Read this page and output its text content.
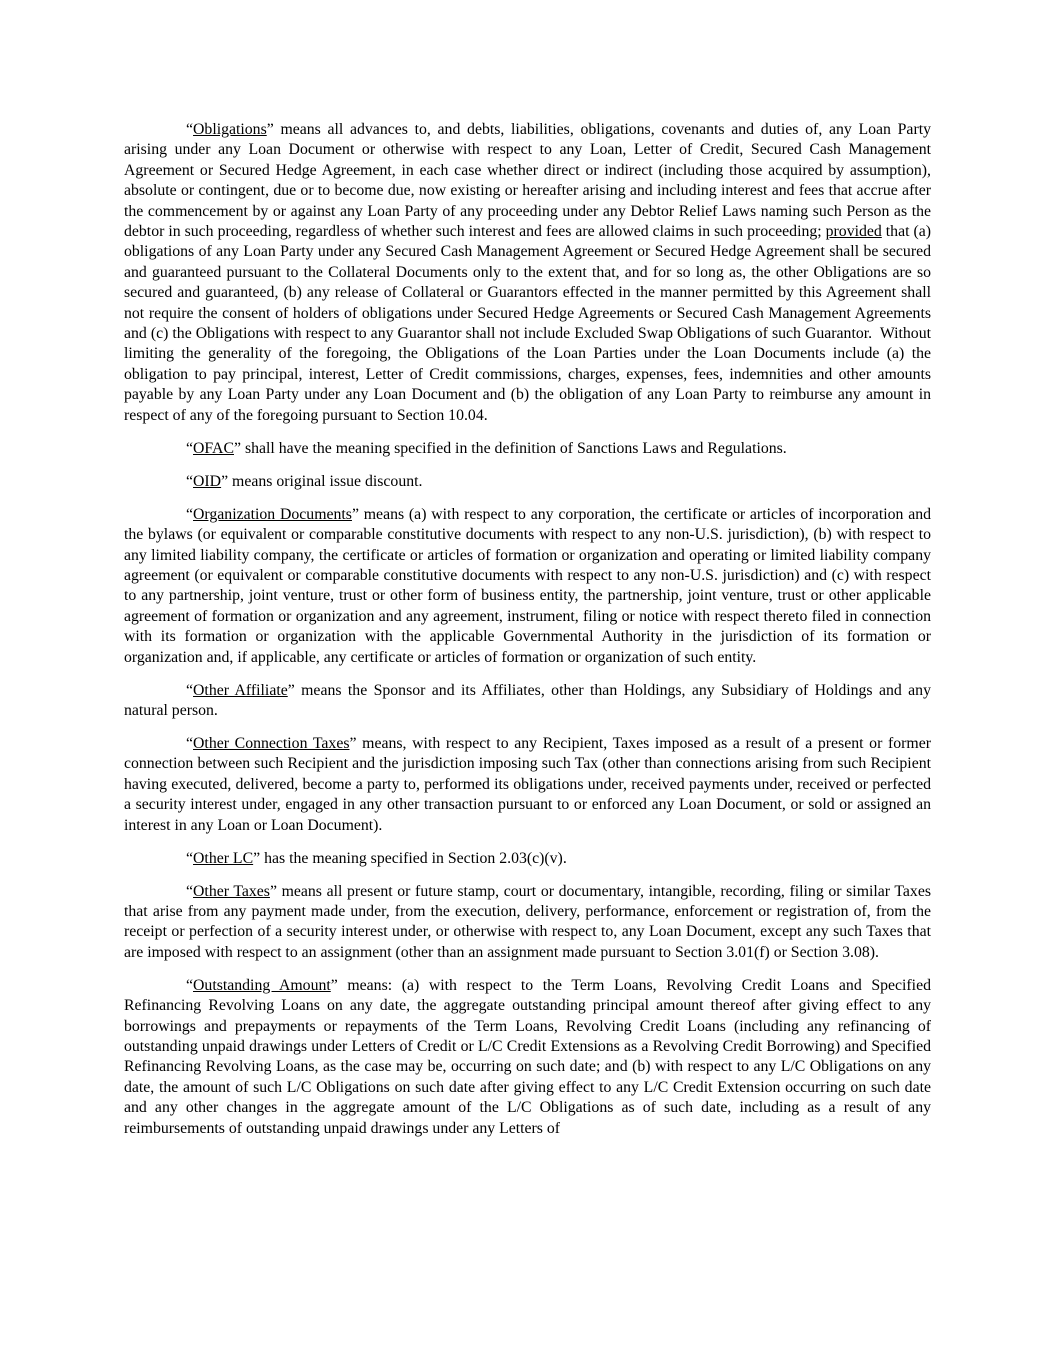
“Obligations” means all advances to, and debts, liabilities, obligations, covenants and duties of, any Loan Party arising under any Loan Document or otherwise with respect to any Loan, Letter of Credit, Secured Cash Management Agreement or Secured Hedge Agreement, in each case whether direct or indirect (including those acquired by assumption), absolute or contingent, due or to become due, now existing or hereafter arising and including interest and fees that accrue after the commencement by or against any Loan Party of any proceeding under any Debtor Relief Laws naming such Person as the debtor in such proceeding, regardless of whether such interest and fees are allowed claims in such proceeding; provided that (a) obligations of any Loan Party under any Secured Cash Management Agreement or Secured Hedge Agreement shall be secured and guaranteed pursuant to the Collateral Documents only to the extent that, and for so long as, the other Obligations are so secured and guaranteed, (b) any release of Collateral or Guarantors effected in the manner permitted by this Agreement shall not require the consent of holders of obligations under Secured Hedge Agreements or Secured Cash Management Agreements and (c) the Obligations with respect to any Guarantor shall not include Excluded Swap Obligations of such Guarantor.  Without limiting the generality of the foregoing, the Obligations of the Loan Parties under the Loan Documents include (a) the obligation to pay principal, interest, Letter of Credit commissions, charges, expenses, fees, indemnities and other amounts payable by any Loan Party under any Loan Document and (b) the obligation of any Loan Party to reimburse any amount in respect of any of the foregoing pursuant to Section 10.04.

“OFAC” shall have the meaning specified in the definition of Sanctions Laws and Regulations.

“OID” means original issue discount.

“Organization Documents” means (a) with respect to any corporation, the certificate or articles of incorporation and the bylaws (or equivalent or comparable constitutive documents with respect to any non-U.S. jurisdiction), (b) with respect to any limited liability company, the certificate or articles of formation or organization and operating or limited liability company agreement (or equivalent or comparable constitutive documents with respect to any non-U.S. jurisdiction) and (c) with respect to any partnership, joint venture, trust or other form of business entity, the partnership, joint venture, trust or other applicable agreement of formation or organization and any agreement, instrument, filing or notice with respect thereto filed in connection with its formation or organization with the applicable Governmental Authority in the jurisdiction of its formation or organization and, if applicable, any certificate or articles of formation or organization of such entity.

“Other Affiliate” means the Sponsor and its Affiliates, other than Holdings, any Subsidiary of Holdings and any natural person.

“Other Connection Taxes” means, with respect to any Recipient, Taxes imposed as a result of a present or former connection between such Recipient and the jurisdiction imposing such Tax (other than connections arising from such Recipient having executed, delivered, become a party to, performed its obligations under, received payments under, received or perfected a security interest under, engaged in any other transaction pursuant to or enforced any Loan Document, or sold or assigned an interest in any Loan or Loan Document).

“Other LC” has the meaning specified in Section 2.03(c)(v).

“Other Taxes” means all present or future stamp, court or documentary, intangible, recording, filing or similar Taxes that arise from any payment made under, from the execution, delivery, performance, enforcement or registration of, from the receipt or perfection of a security interest under, or otherwise with respect to, any Loan Document, except any such Taxes that are imposed with respect to an assignment (other than an assignment made pursuant to Section 3.01(f) or Section 3.08).

“Outstanding Amount” means: (a) with respect to the Term Loans, Revolving Credit Loans and Specified Refinancing Revolving Loans on any date, the aggregate outstanding principal amount thereof after giving effect to any borrowings and prepayments or repayments of the Term Loans, Revolving Credit Loans (including any refinancing of outstanding unpaid drawings under Letters of Credit or L/C Credit Extensions as a Revolving Credit Borrowing) and Specified Refinancing Revolving Loans, as the case may be, occurring on such date; and (b) with respect to any L/C Obligations on any date, the amount of such L/C Obligations on such date after giving effect to any L/C Credit Extension occurring on such date and any other changes in the aggregate amount of the L/C Obligations as of such date, including as a result of any reimbursements of outstanding unpaid drawings under any Letters of
